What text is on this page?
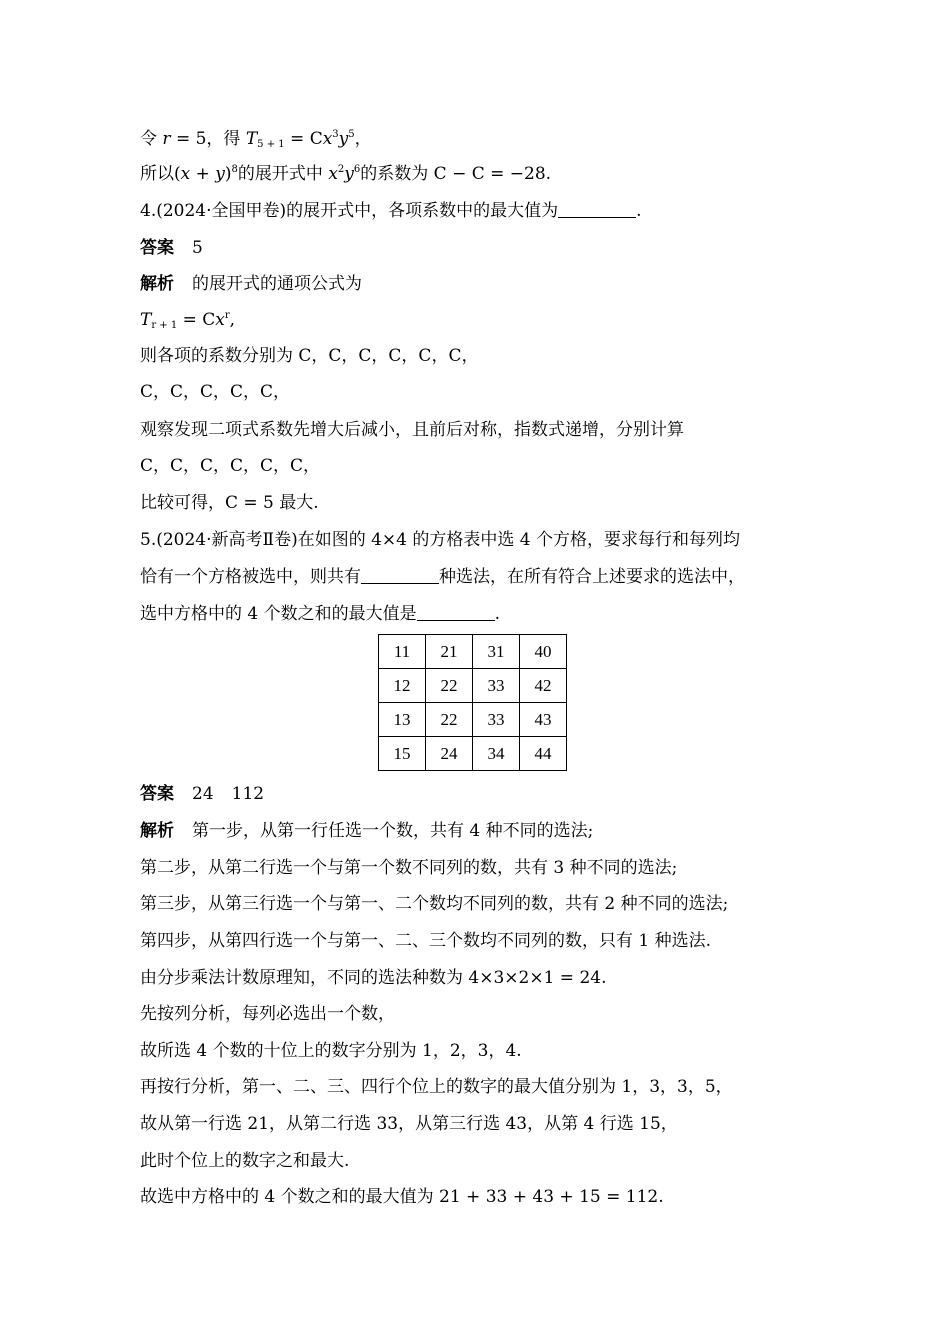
令 r = 5，得 $T_{5 + 1} = Cx^3y^5$，
所以$(x + y)^8$的展开式中 $x^2y^6$的系数为 C − C = −28.
4.(2024·全国甲卷)的展开式中，各项系数中的最大值为	.
答案 5
解析 的展开式的通项公式为
$T_{r + 1} = Cx^r$,
则各项的系数分别为 C，C，C，C，C，C，
C，C，C，C，C，
观察发现二项式系数先增大后减小，且前后对称，指数式递增，分别计算
C，C，C，C，C，C，
比较可得，C = 5 最大.
5.(2024·新高考Ⅱ卷)在如图的 4×4 的方格表中选 4 个方格，要求每行和每列均
恰有一个方格被选中，则共有	种选法，在所有符合上述要求的选法中，
选中方格中的 4 个数之和的最大值是	.
11	21	31	40
12	22	33	42
13	22	33	43
15	24	34	44
答案 24 112
解析 第一步，从第一行任选一个数，共有 4 种不同的选法;
第二步，从第二行选一个与第一个数不同列的数，共有 3 种不同的选法;
第三步，从第三行选一个与第一、二个数均不同列的数，共有 2 种不同的选法;
第四步，从第四行选一个与第一、二、三个数均不同列的数，只有 1 种选法.
由分步乘法计数原理知，不同的选法种数为 4×3×2×1 = 24.
先按列分析，每列必选出一个数，
故所选 4 个数的十位上的数字分别为 1，2，3，4.
再按行分析，第一、二、三、四行个位上的数字的最大值分别为 1，3，3，5，
故从第一行选 21，从第二行选 33，从第三行选 43，从第 4 行选 15，
此时个位上的数字之和最大.
故选中方格中的 4 个数之和的最大值为 21 + 33 + 43 + 15 = 112.
